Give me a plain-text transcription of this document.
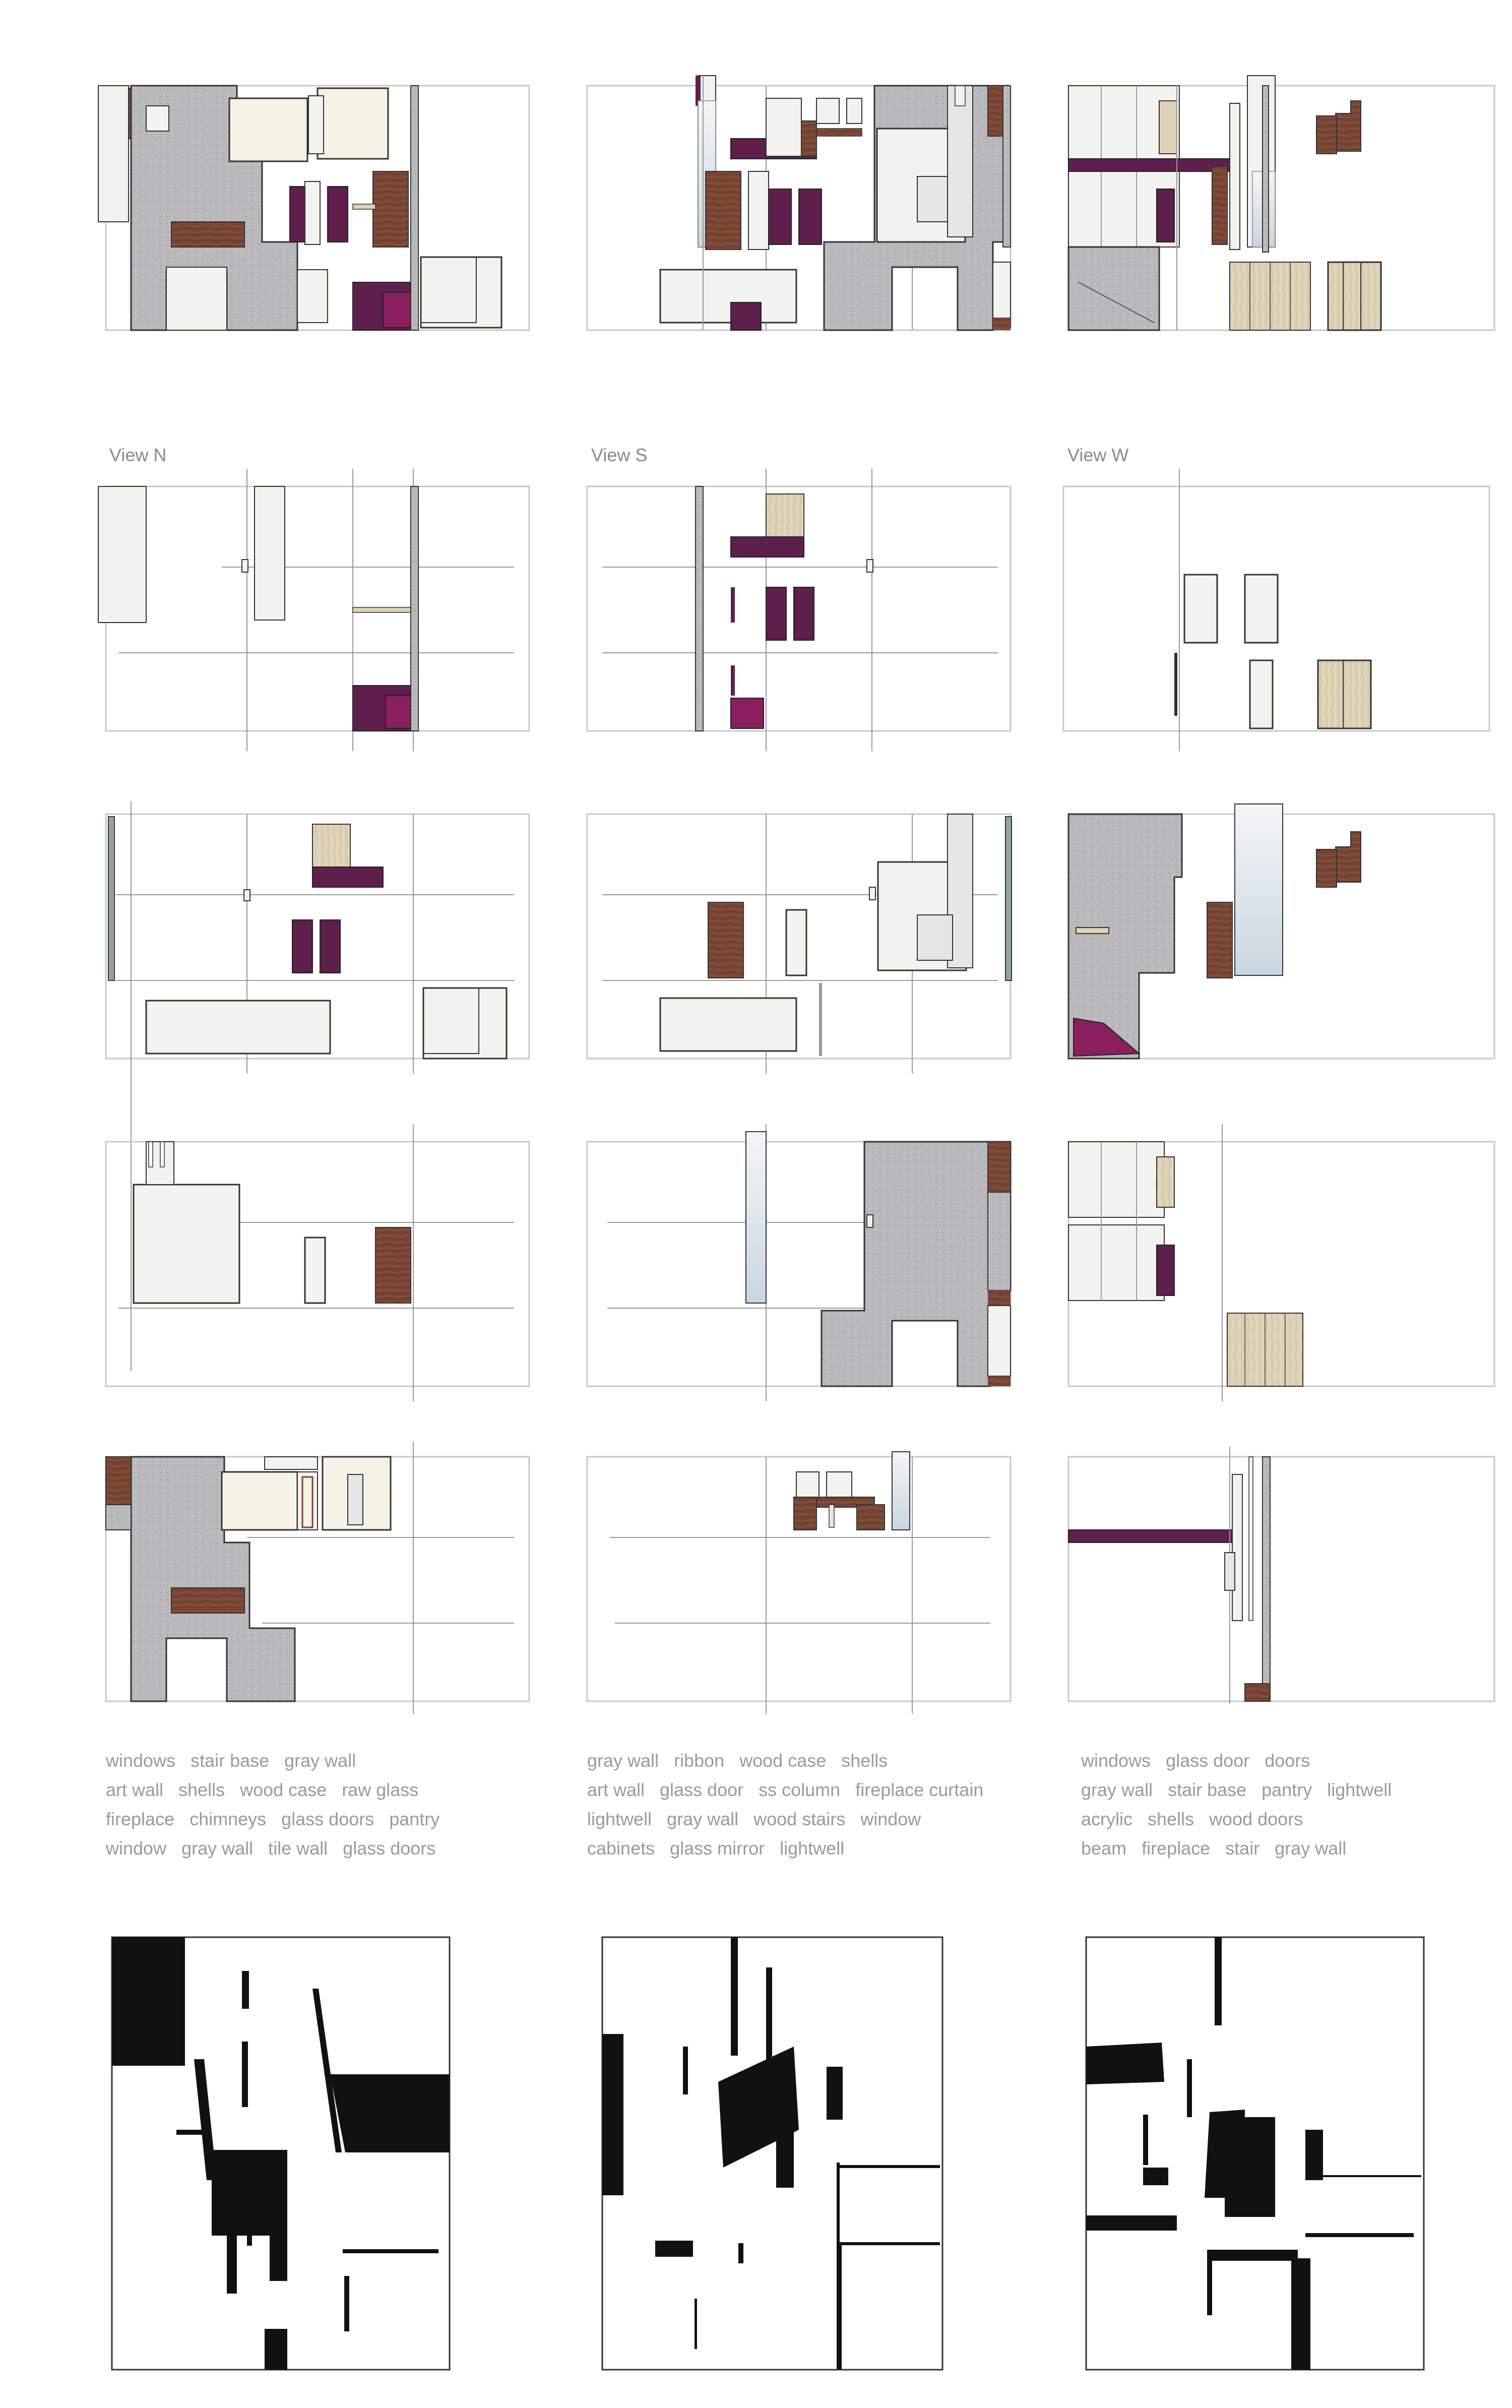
View N	View S	View W
windows stair base gray wall
art wall shells wood case raw glass
fireplace chimneys glass doors pantry
window gray wall tile wall glass doors
gray wall ribbon wood case shells
art wall glass door ss column fireplace curtain
lightwell gray wall wood stairs window
cabinets glass mirror lightwell
windows glass door doors
gray wall stair base pantry lightwell
acrylic shells wood doors
beam fireplace stair gray wall
